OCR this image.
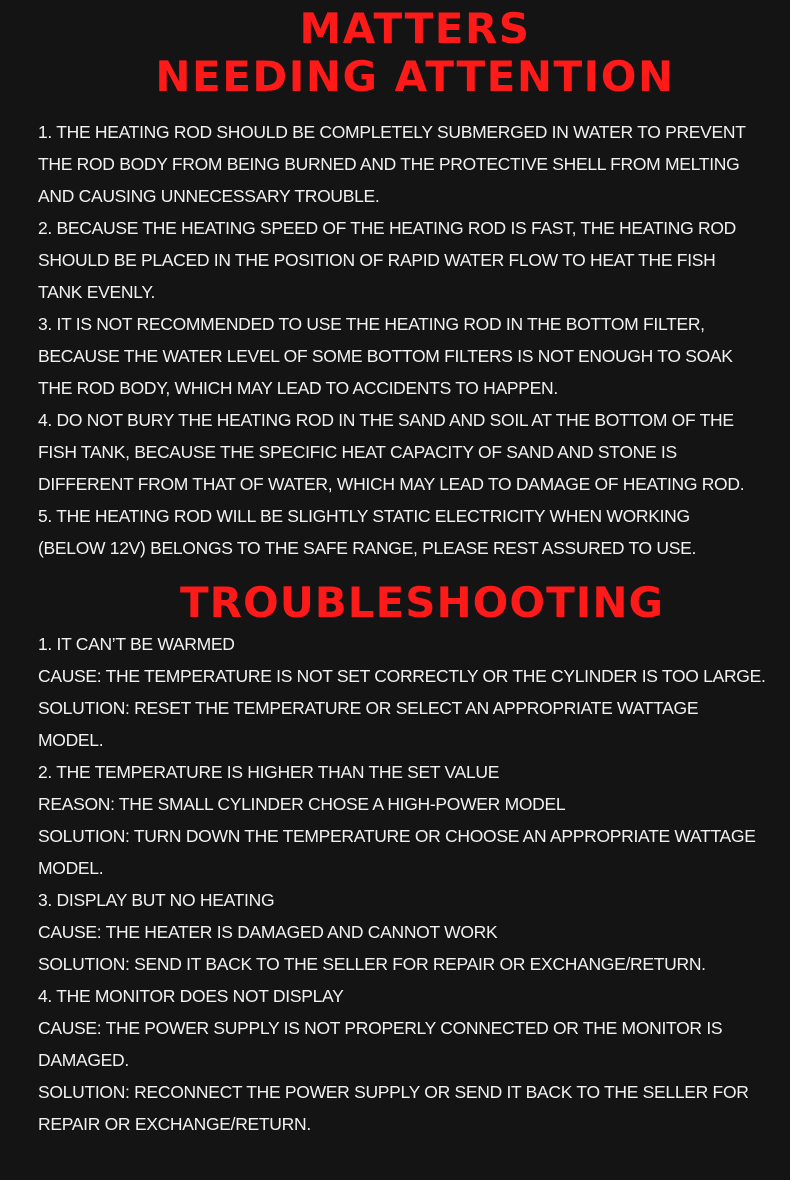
MATTERS
NEEDING ATTENTION

1. THE HEATING ROD SHOULD BE COMPLETELY SUBMERGED IN WATER TO PREVENT
THE ROD BODY FROM BEING BURNED AND THE PROTECTIVE SHELL FROM MELTING
AND CAUSING UNNECESSARY TROUBLE.

2. BECAUSE THE HEATING SPEED OF THE HEATING ROD IS FAST, THE HEATING ROD
SHOULD BE PLACED IN THE POSITION OF RAPID WATER FLOW TO HEAT THE FISH
TANK EVENLY.

3. IT IS NOT RECOMMENDED TO USE THE HEATING ROD IN THE BOTTOM FILTER,
BECAUSE THE WATER LEVEL OF SOME BOTTOM FILTERS IS NOT ENOUGH TO SOAK
THE ROD BODY, WHICH MAY LEAD TO ACCIDENTS TO HAPPEN.

4. DO NOT BURY THE HEATING ROD IN THE SAND AND SOIL AT THE BOTTOM OF THE
FISH TANK, BECAUSE THE SPECIFIC HEAT CAPACITY OF SAND AND STONE IS
DIFFERENT FROM THAT OF WATER, WHICH MAY LEAD TO DAMAGE OF HEATING ROD.

5. THE HEATING ROD WILL BE SLIGHTLY STATIC ELECTRICITY WHEN WORKING
(BELOW 12V) BELONGS TO THE SAFE RANGE, PLEASE REST ASSURED TO USE.

TROUBLESHOOTING

1. IT CAN’T BE WARMED

CAUSE: THE TEMPERATURE IS NOT SET CORRECTLY OR THE CYLINDER IS TOO LARGE.

SOLUTION: RESET THE TEMPERATURE OR SELECT AN APPROPRIATE WATTAGE MODEL.

2. THE TEMPERATURE IS HIGHER THAN THE SET VALUE

REASON: THE SMALL CYLINDER CHOSE A HIGH-POWER MODEL

SOLUTION: TURN DOWN THE TEMPERATURE OR CHOOSE AN APPROPRIATE WATTAGE
MODEL.

3. DISPLAY BUT NO HEATING

CAUSE: THE HEATER IS DAMAGED AND CANNOT WORK

SOLUTION: SEND IT BACK TO THE SELLER FOR REPAIR OR EXCHANGE/RETURN.

4. THE MONITOR DOES NOT DISPLAY

CAUSE: THE POWER SUPPLY IS NOT PROPERLY CONNECTED OR THE MONITOR IS
DAMAGED.

SOLUTION: RECONNECT THE POWER SUPPLY OR SEND IT BACK TO THE SELLER FOR
REPAIR OR EXCHANGE/RETURN.
